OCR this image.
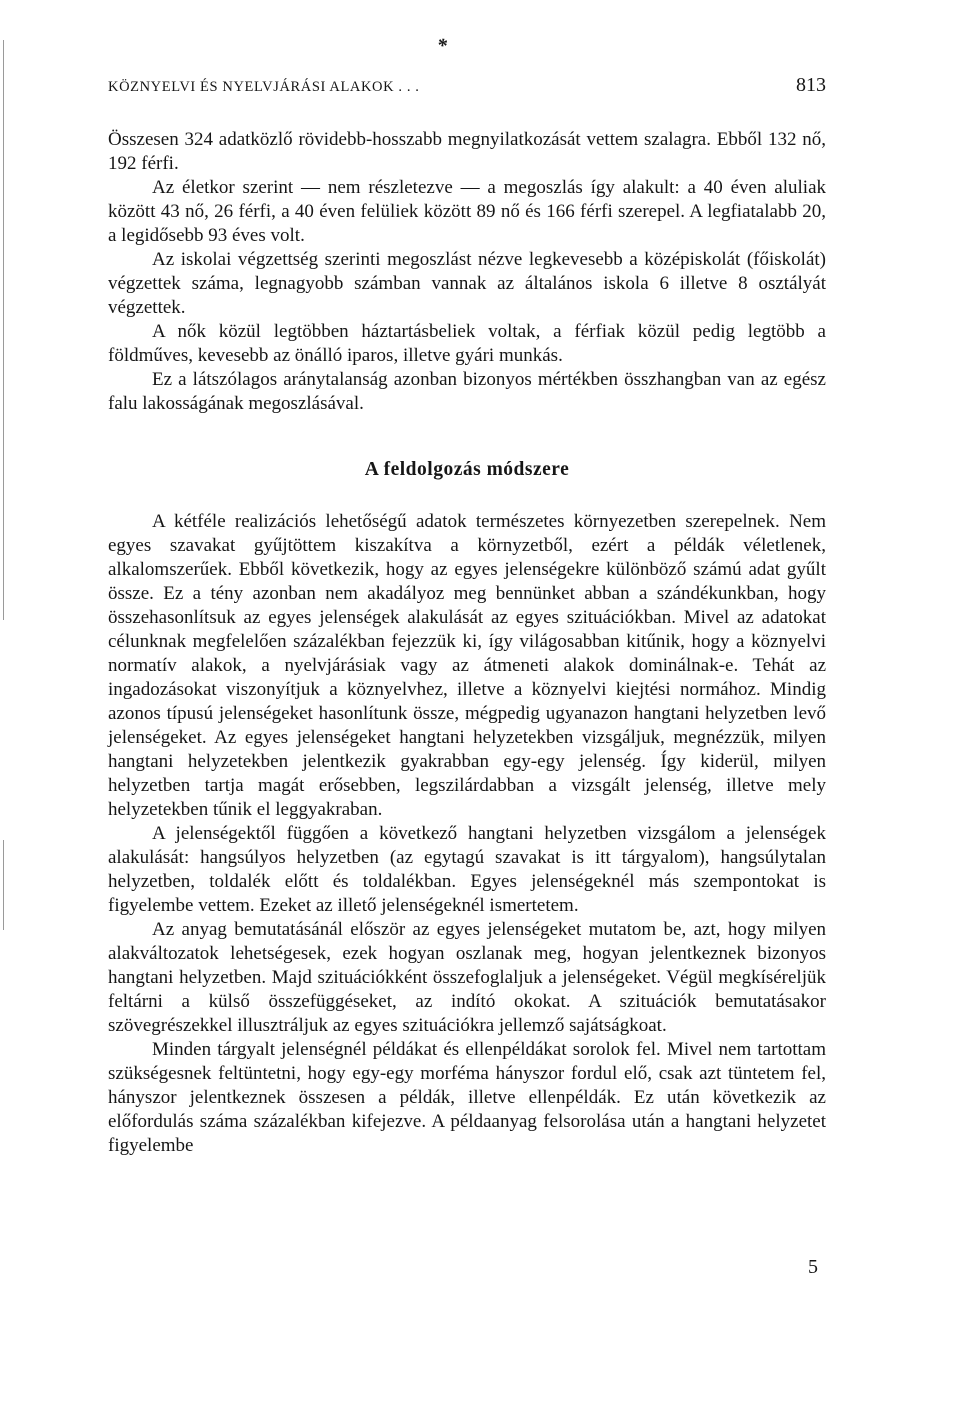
*
KÖZNYELVI ÉS NYELVJÁRÁSI ALAKOK . . .	813

Összesen 324 adatközlő rövidebb-hosszabb megnyilatkozását vettem szalagra. Ebből 132 nő, 192 férfi.

Az életkor szerint — nem részletezve — a megoszlás így alakult: a 40 éven aluliak között 43 nő, 26 férfi, a 40 éven felüliek között 89 nő és 166 férfi szerepel. A legfiatalabb 20, a legidősebb 93 éves volt.

Az iskolai végzettség szerinti megoszlást nézve legkevesebb a középiskolát (főiskolát) végzettek száma, legnagyobb számban vannak az általános iskola 6 illetve 8 osztályát végzettek.

A nők közül legtöbben háztartásbeliek voltak, a férfiak közül pedig legtöbb a földműves, kevesebb az önálló iparos, illetve gyári munkás.

Ez a látszólagos aránytalanság azonban bizonyos mértékben összhangban van az egész falu lakosságának megoszlásával.

A feldolgozás módszere

A kétféle realizációs lehetőségű adatok természetes környezetben szerepelnek. Nem egyes szavakat gyűjtöttem kiszakítva a környzetből, ezért a példák véletlenek, alkalomszerűek. Ebből következik, hogy az egyes jelenségekre különböző számú adat gyűlt össze. Ez a tény azonban nem akadályoz meg bennünket abban a szándékunkban, hogy összehasonlítsuk az egyes jelenségek alakulását az egyes szituációkban. Mivel az adatokat célunknak megfelelően százalékban fejezzük ki, így világosabban kitűnik, hogy a köznyelvi normatív alakok, a nyelvjárásiak vagy az átmeneti alakok dominálnak-e. Tehát az ingadozásokat viszonyítjuk a köznyelvhez, illetve a köznyelvi kiejtési normához. Mindig azonos típusú jelenségeket hasonlítunk össze, mégpedig ugyanazon hangtani helyzetben levő jelenségeket. Az egyes jelenségeket hangtani helyzetekben vizsgáljuk, megnézzük, milyen hangtani helyzetekben jelentkezik gyakrabban egy-egy jelenség. Így kiderül, milyen helyzetben tartja magát erősebben, legszilárdabban a vizsgált jelenség, illetve mely helyzetekben tűnik el leggyakraban.

A jelenségektől függően a következő hangtani helyzetben vizsgálom a jelenségek alakulását: hangsúlyos helyzetben (az egytagú szavakat is itt tárgyalom), hangsúlytalan helyzetben, toldalék előtt és toldalékban. Egyes jelenségeknél más szempontokat is figyelembe vettem. Ezeket az illető jelenségeknél ismertetem.

Az anyag bemutatásánál először az egyes jelenségeket mutatom be, azt, hogy milyen alakváltozatok lehetségesek, ezek hogyan oszlanak meg, hogyan jelentkeznek bizonyos hangtani helyzetben. Majd szituációkként összefoglaljuk a jelenségeket. Végül megkíséreljük feltárni a külső összefüggéseket, az indító okokat. A szituációk bemutatásakor szövegrészekkel illusztráljuk az egyes szituációkra jellemző sajátságkoat.

Minden tárgyalt jelenségnél példákat és ellenpéldákat sorolok fel. Mivel nem tartottam szükségesnek feltüntetni, hogy egy-egy morféma hányszor fordul elő, csak azt tüntetem fel, hányszor jelentkeznek összesen a példák, illetve ellenpéldák. Ez után következik az előfordulás száma százalékban kifejezve. A példaanyag felsorolása után a hangtani helyzetet figyelembe

5
